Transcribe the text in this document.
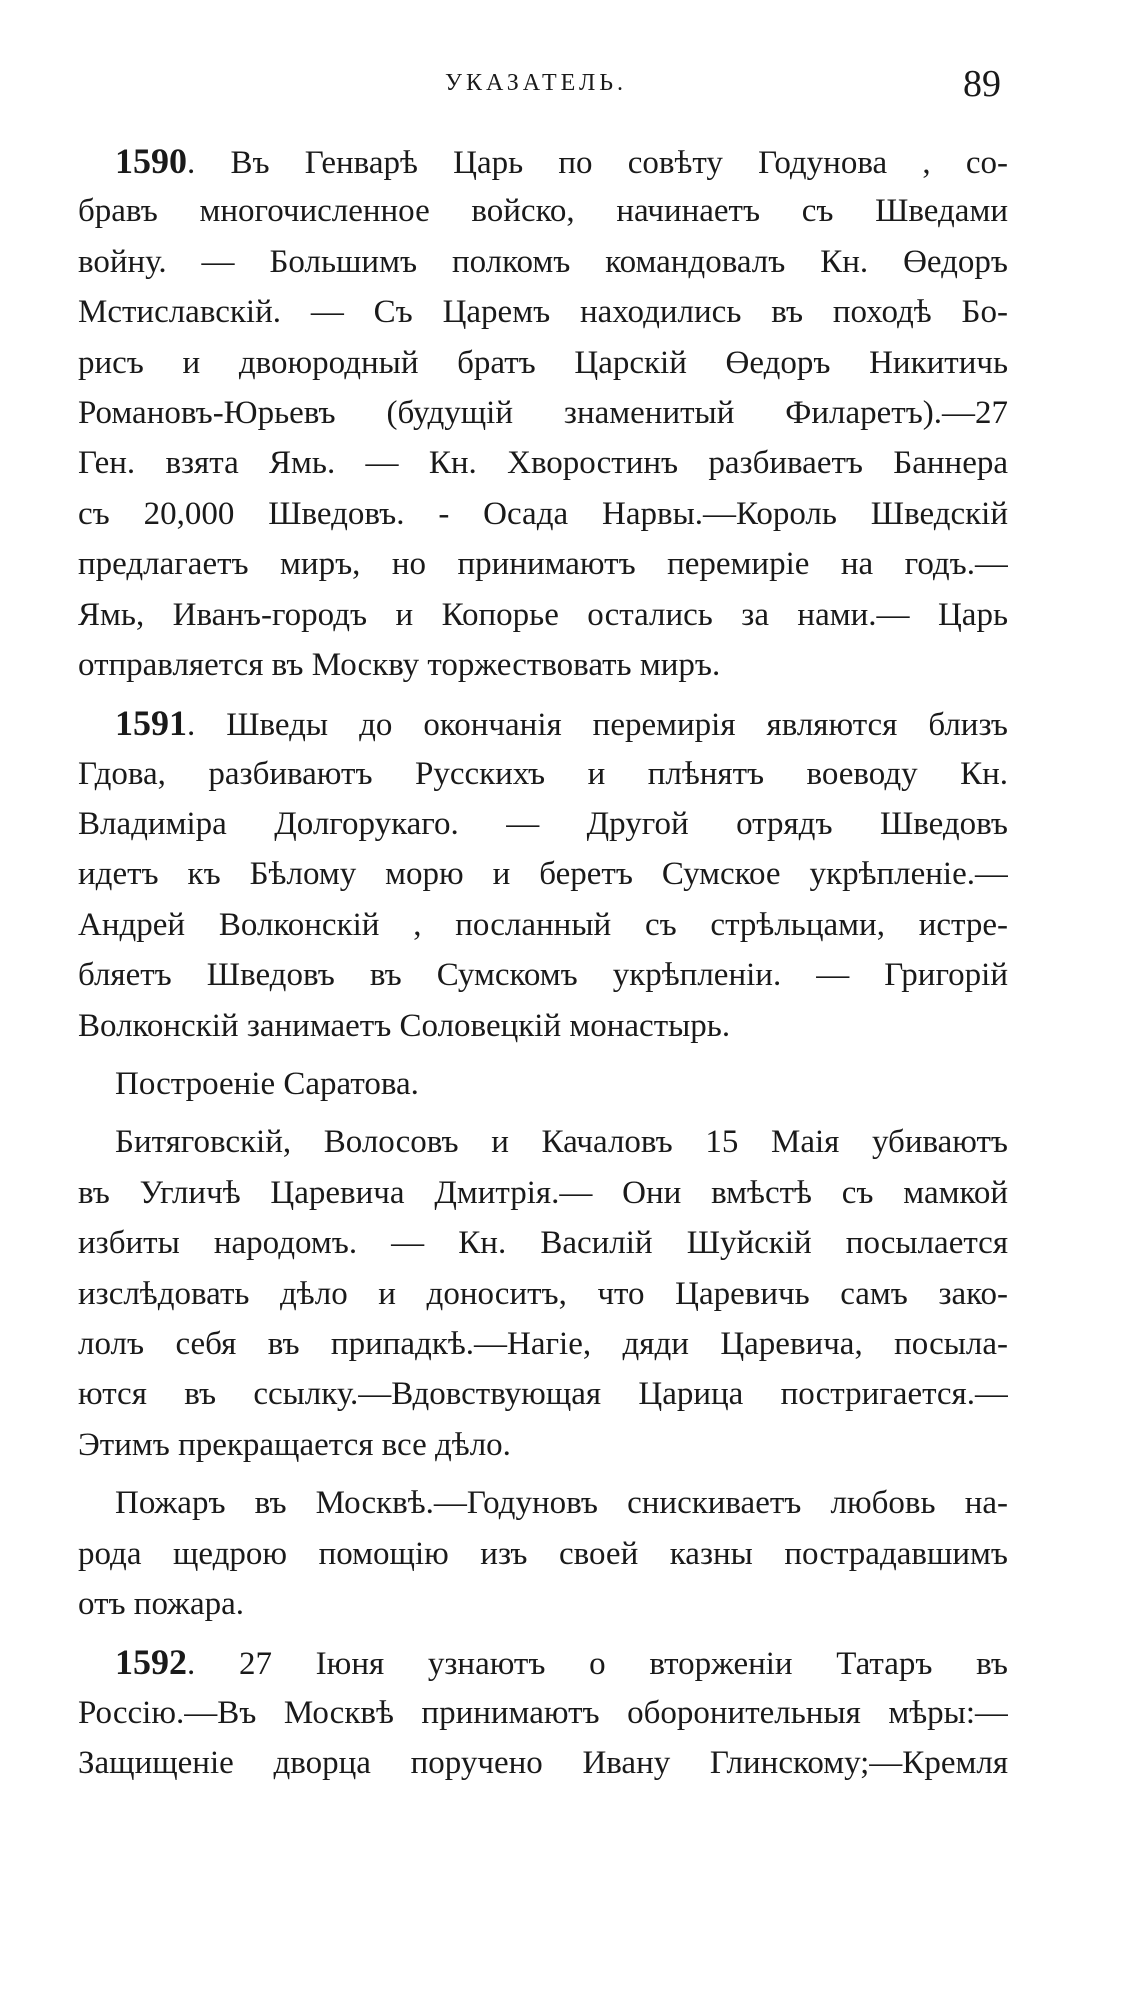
УКАЗАТЕЛЬ.	89
1590. Въ Генварѣ Царь по совѣту Годунова , со-
бравъ многочисленное войско, начинаетъ съ Шведами
войну. — Большимъ полкомъ командовалъ Кн. Өедоръ
Мстиславскій. — Съ Царемъ находились въ походѣ Бо-
рисъ и двоюродный братъ Царскій Өедоръ Никитичь
Романовъ-Юрьевъ (будущій знаменитый Филаретъ).—27
Ген. взята Ямь. — Кн. Хворостинъ разбиваетъ Баннера
съ 20,000 Шведовъ. - Осада Нарвы.—Король Шведскій
предлагаетъ миръ, но принимаютъ перемиріе на годъ.—
Ямь, Иванъ-городъ и Копорье остались за нами.— Царь
отправляется въ Москву торжествовать миръ.
1591. Шведы до окончанія перемирія являются близъ
Гдова, разбиваютъ Русскихъ и плѣнятъ воеводу Кн.
Владиміра Долгорукаго. — Другой отрядъ Шведовъ
идетъ къ Бѣлому морю и беретъ Сумское укрѣпленіе.—
Андрей Волконскій , посланный съ стрѣльцами, истре-
бляетъ Шведовъ въ Сумскомъ укрѣпленіи. — Григорій
Волконскій занимаетъ Соловецкій монастырь.
Построеніе Саратова.
Битяговскій, Волосовъ и Качаловъ 15 Маія убиваютъ
въ Угличѣ Царевича Дмитрія.— Они вмѣстѣ съ мамкой
избиты народомъ. — Кн. Василій Шуйскій посылается
изслѣдовать дѣло и доноситъ, что Царевичь самъ зако-
лолъ себя въ припадкѣ.—Нагіе, дяди Царевича, посыла-
ются въ ссылку.—Вдовствующая Царица постригается.—
Этимъ прекращается все дѣло.
Пожаръ въ Москвѣ.—Годуновъ снискиваетъ любовь на-
рода щедрою помощію изъ своей казны пострадавшимъ
отъ пожара.
1592. 27 Іюня узнаютъ о вторженіи Татаръ въ
Россію.—Въ Москвѣ принимаютъ оборонительныя мѣры:—
Защищеніе дворца поручено Ивану Глинскому;—Кремля
